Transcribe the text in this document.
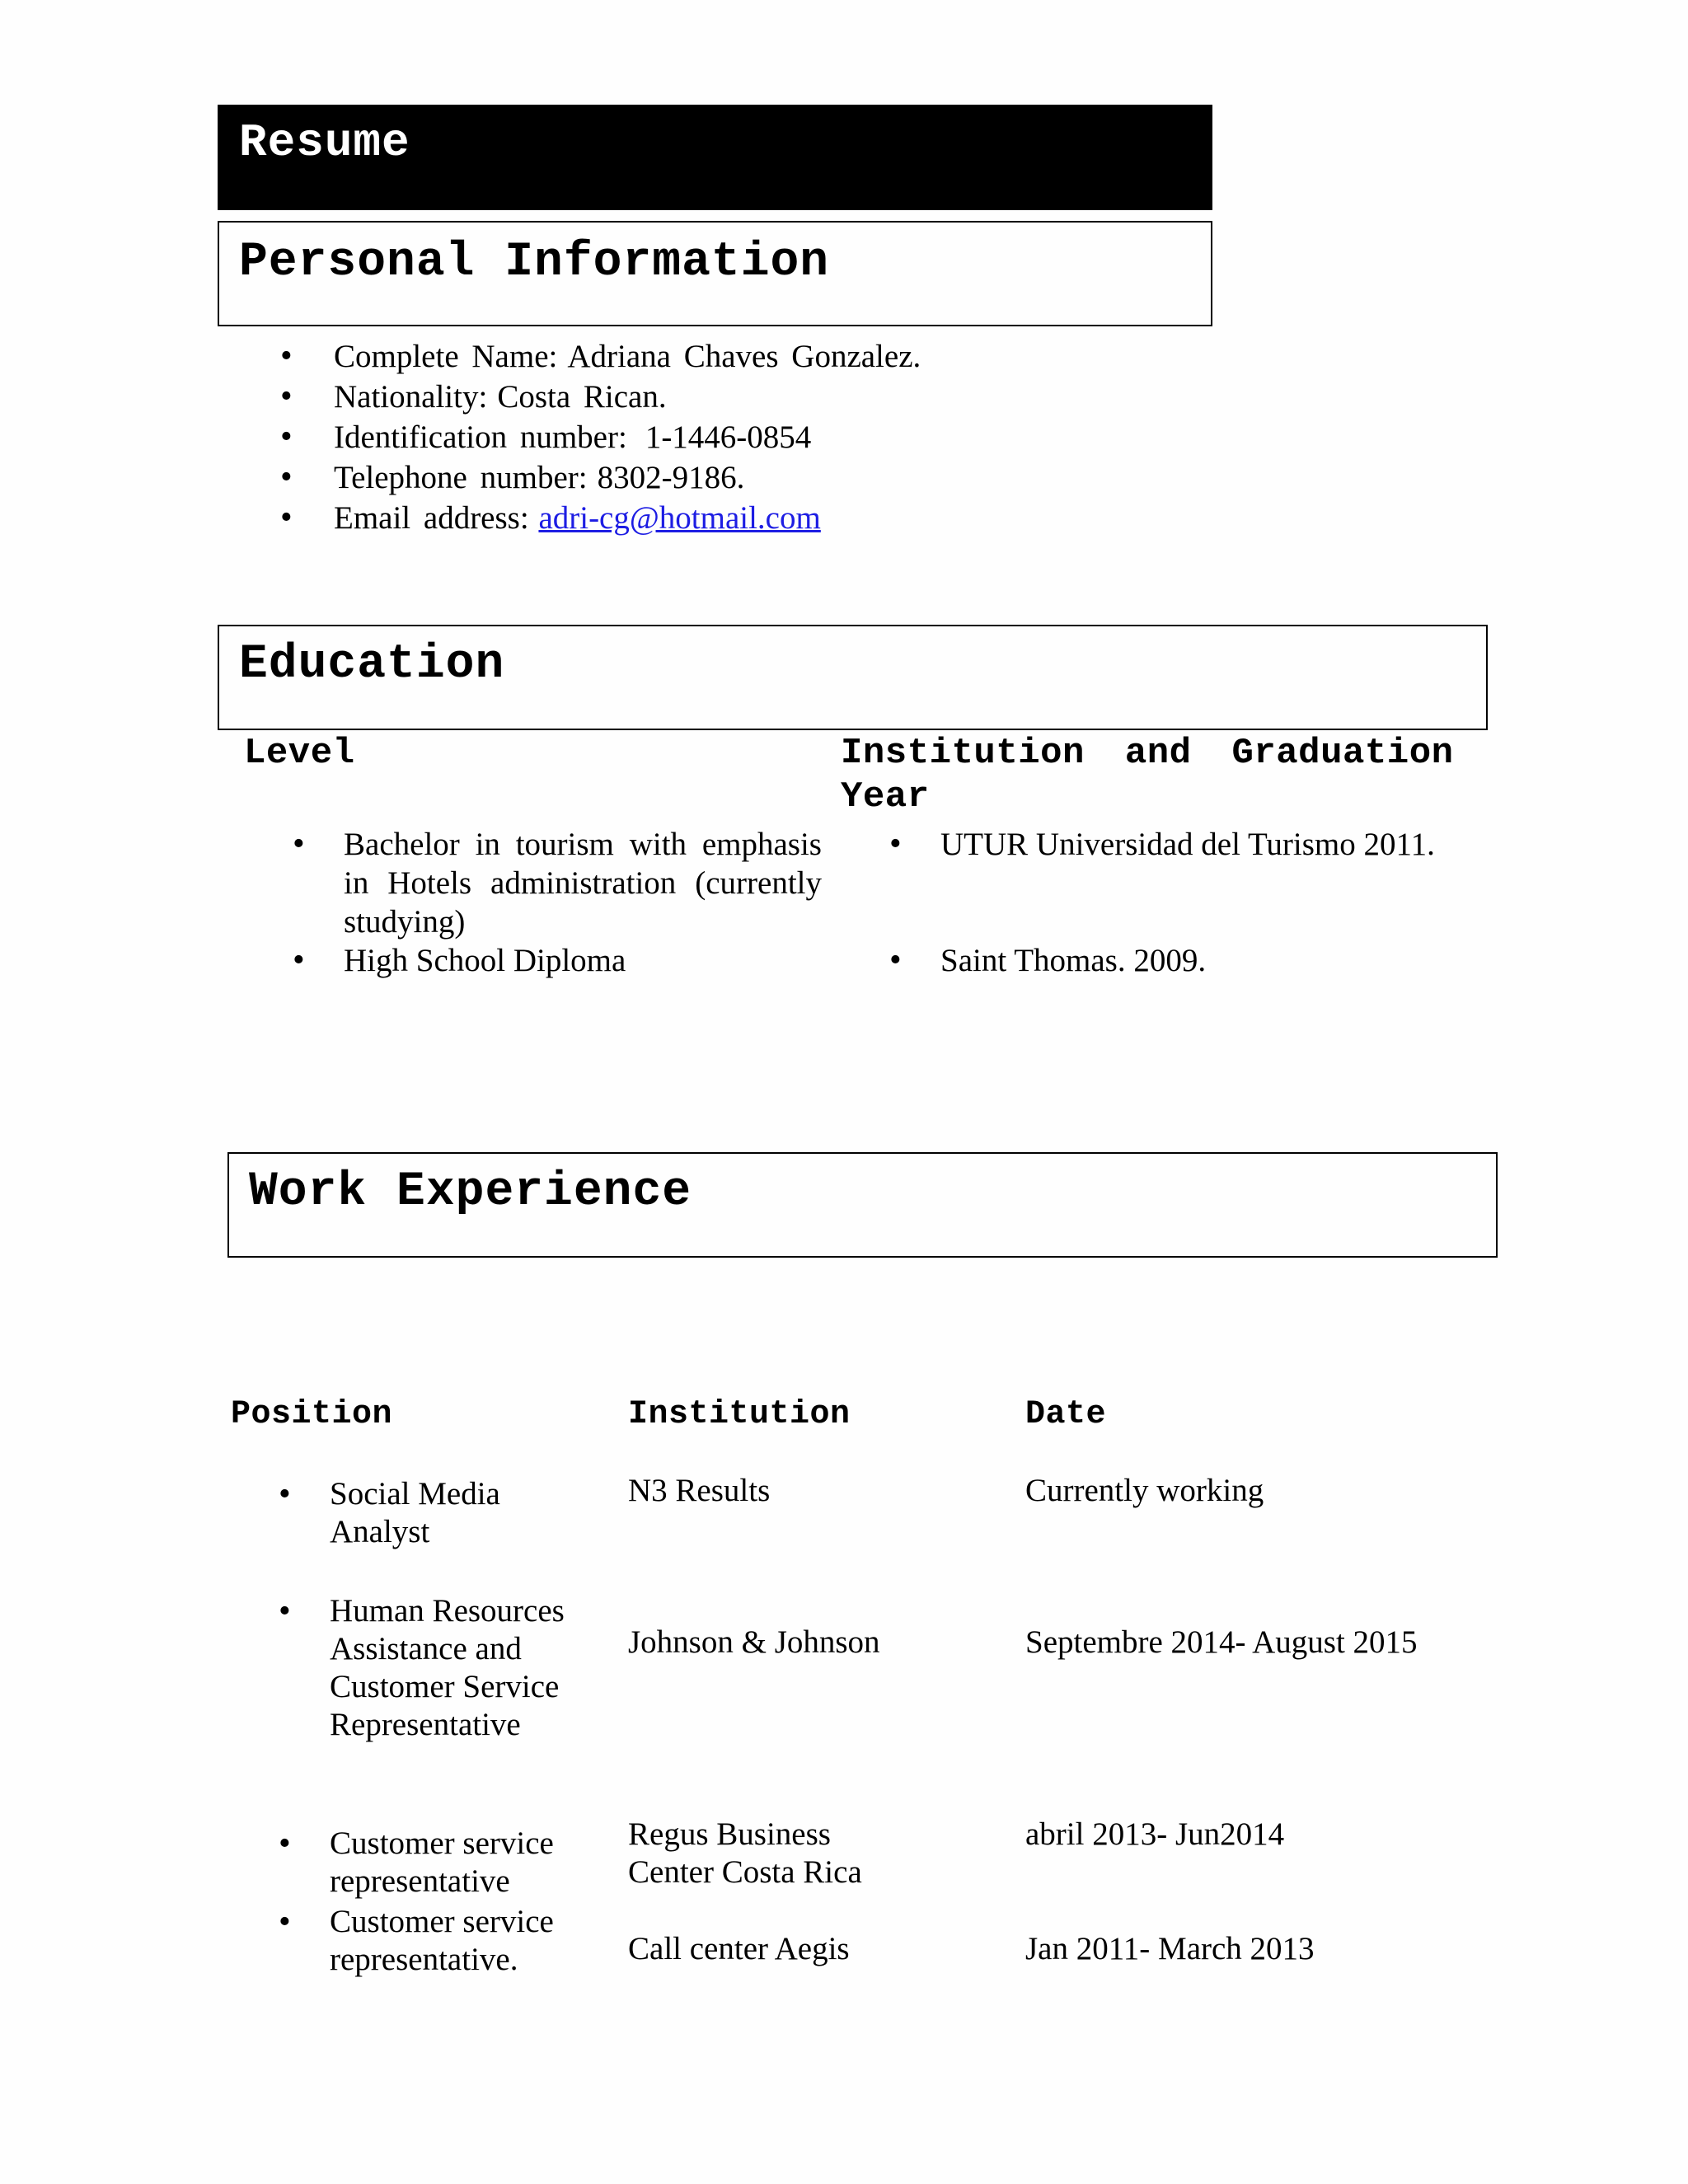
Resume
Personal Information
• Complete Name: Adriana Chaves Gonzalez.
• Nationality: Costa Rican.
• Identification number: 1-1446-0854
• Telephone number: 8302-9186.
• Email address: adri-cg@hotmail.com
Education
Level	Institution and Graduation Year
• Bachelor in tourism with emphasis in Hotels administration (currently studying)
• UTUR Universidad del Turismo 2011.
• High School Diploma
•	Saint Thomas. 2009.
Work Experience
Position	Institution	Date
• Social Media Analyst
N3 Results	Currently working
• Human Resources Assistance and Customer Service Representative
Johnson & Johnson	Septembre 2014- August 2015
• Customer service representative
Regus Business Center Costa Rica
abril 2013- Jun2014
• Customer service representative.	Call center Aegis	Jan 2011- March 2013
